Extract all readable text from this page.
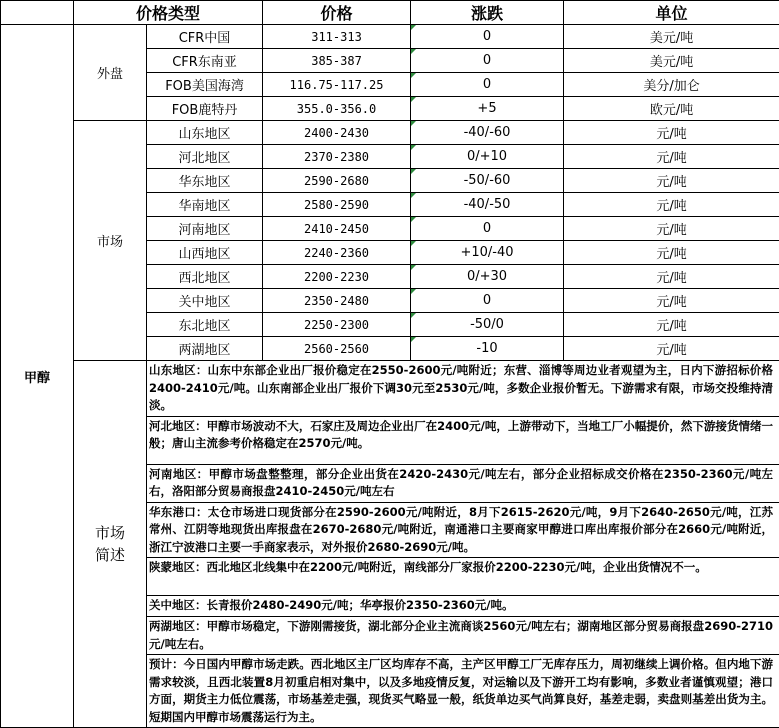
	价格类型		价格	涨跌	单位
甲醇	外盘	CFR中国	311-313	0	美元/吨
		CFR东南亚	385-387	0	美元/吨
		FOB美国海湾	116.75-117.25	0	美分/加仑
		FOB鹿特丹	355.0-356.0	+5	欧元/吨
	市场	山东地区	2400-2430	-40/-60	元/吨
		河北地区	2370-2380	0/+10	元/吨
		华东地区	2590-2680	-50/-60	元/吨
		华南地区	2580-2590	-40/-50	元/吨
		河南地区	2410-2450	0	元/吨
		山西地区	2240-2360	+10/-40	元/吨
		西北地区	2200-2230	0/+30	元/吨
		关中地区	2350-2480	0	元/吨
		东北地区	2250-2300	-50/0	元/吨
		两湖地区	2560-2560	-10	元/吨

	市场简述	山东地区：山东中东部企业出厂报价稳定在2550-2600元/吨附近；东营、淄博等周边业者观望为主，日内下游招标价格2400-2410元/吨。山东南部企业出厂报价下调30元至2530元/吨，多数企业报价暂无。下游需求有限，市场交投维持清淡。			
		河北地区：甲醇市场波动不大，石家庄及周边企业出厂在2400元/吨，上游带动下，当地工厂小幅提价，然下游接货情绪一般；唐山主流参考价格稳定在2570元/吨。			
		河南地区：甲醇市场盘整整理，部分企业出货在2420-2430元/吨左右，部分企业招标成交价格在2350-2360元/吨左右，洛阳部分贸易商报盘2410-2450元/吨左右			
		华东港口：太仓市场进口现货部分在2590-2600元/吨附近，8月下2615-2620元/吨，9月下2640-2650元/吨，江苏常州、江阴等地现货出库报盘在2670-2680元/吨附近，南通港口主要商家甲醇进口库出库报价部分在2660元/吨附近，浙江宁波港口主要一手商家表示，对外报价2680-2690元/吨。			
		陕蒙地区：西北地区北线集中在2200元/吨附近，南线部分厂家报价2200-2230元/吨，企业出货情况不一。			
		关中地区：长青报价2480-2490元/吨；华亭报价2350-2360元/吨。			
		两湖地区：甲醇市场稳定，下游刚需接货，湖北部分企业主流商谈2560元/吨左右；湖南地区部分贸易商报盘2690-2710元/吨左右。			
		预计：今日国内甲醇市场走跌。西北地区主厂区均库存不高，主产区甲醇工厂无库存压力，周初继续上调价格。但内地下游需求较淡，且西北装置8月初重启相对集中，以及多地疫情反复，对运输以及下游开工均有影响，多数业者谨慎观望；港口方面，期货主力低位震荡，市场基差走强，现货买气略显一般，纸货单边买气尚算良好，基差走弱，卖盘则基差出货为主。短期国内甲醇市场震荡运行为主。			
